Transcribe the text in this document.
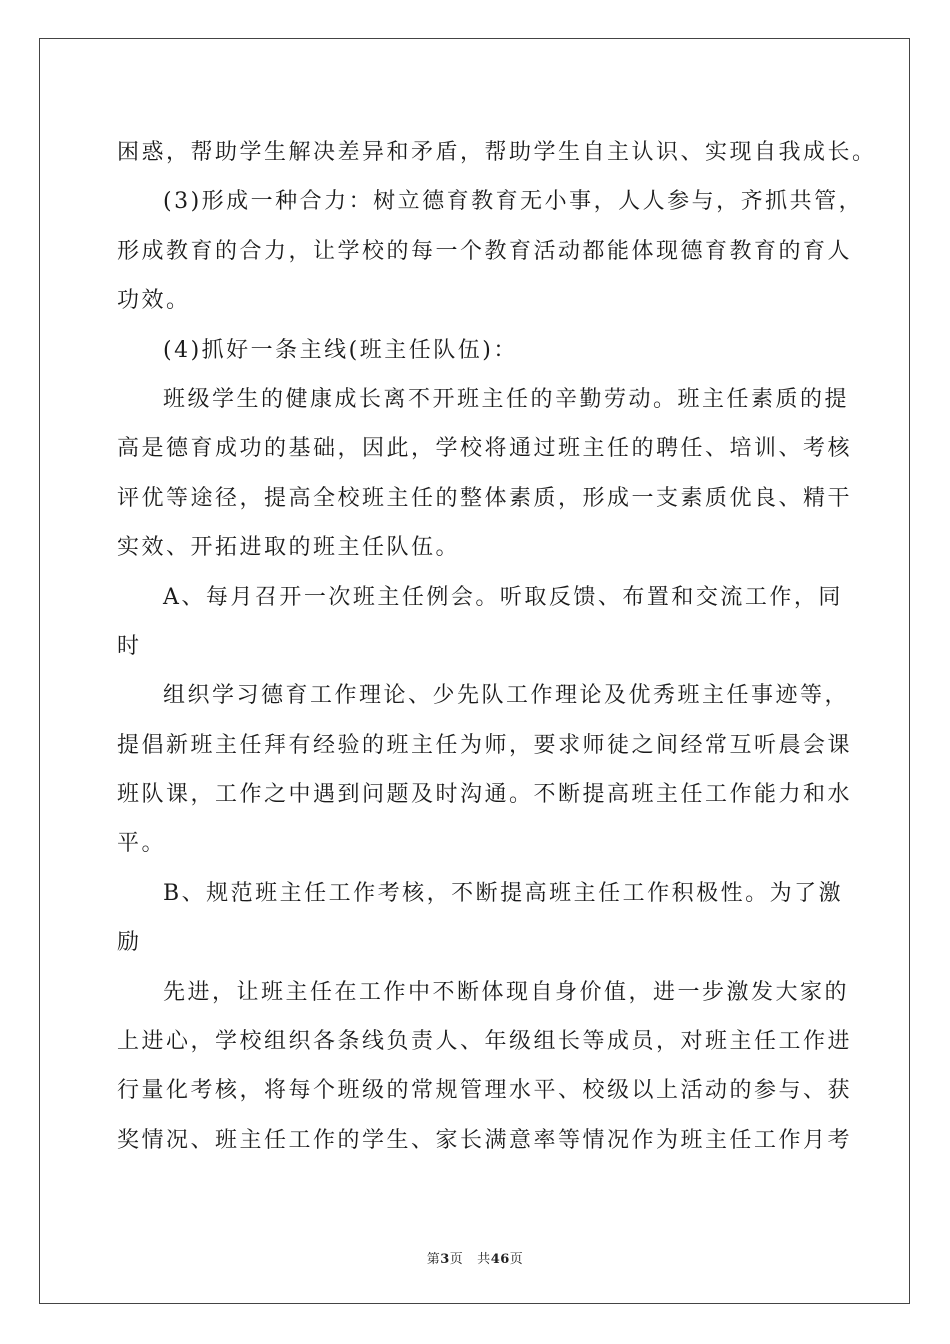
困惑，帮助学生解决差异和矛盾，帮助学生自主认识、实现自我成长。
(3)形成一种合力：树立德育教育无小事，人人参与，齐抓共管，
形成教育的合力，让学校的每一个教育活动都能体现德育教育的育人
功效。
(4)抓好一条主线(班主任队伍)：
班级学生的健康成长离不开班主任的辛勤劳动。班主任素质的提
高是德育成功的基础，因此，学校将通过班主任的聘任、培训、考核
评优等途径，提高全校班主任的整体素质，形成一支素质优良、精干
实效、开拓进取的班主任队伍。
A、每月召开一次班主任例会。听取反馈、布置和交流工作，同
时
组织学习德育工作理论、少先队工作理论及优秀班主任事迹等，
提倡新班主任拜有经验的班主任为师，要求师徒之间经常互听晨会课
班队课，工作之中遇到问题及时沟通。不断提高班主任工作能力和水
平。
B、规范班主任工作考核，不断提高班主任工作积极性。为了激
励
先进，让班主任在工作中不断体现自身价值，进一步激发大家的
上进心，学校组织各条线负责人、年级组长等成员，对班主任工作进
行量化考核，将每个班级的常规管理水平、校级以上活动的参与、获
奖情况、班主任工作的学生、家长满意率等情况作为班主任工作月考
第3页 共46页
